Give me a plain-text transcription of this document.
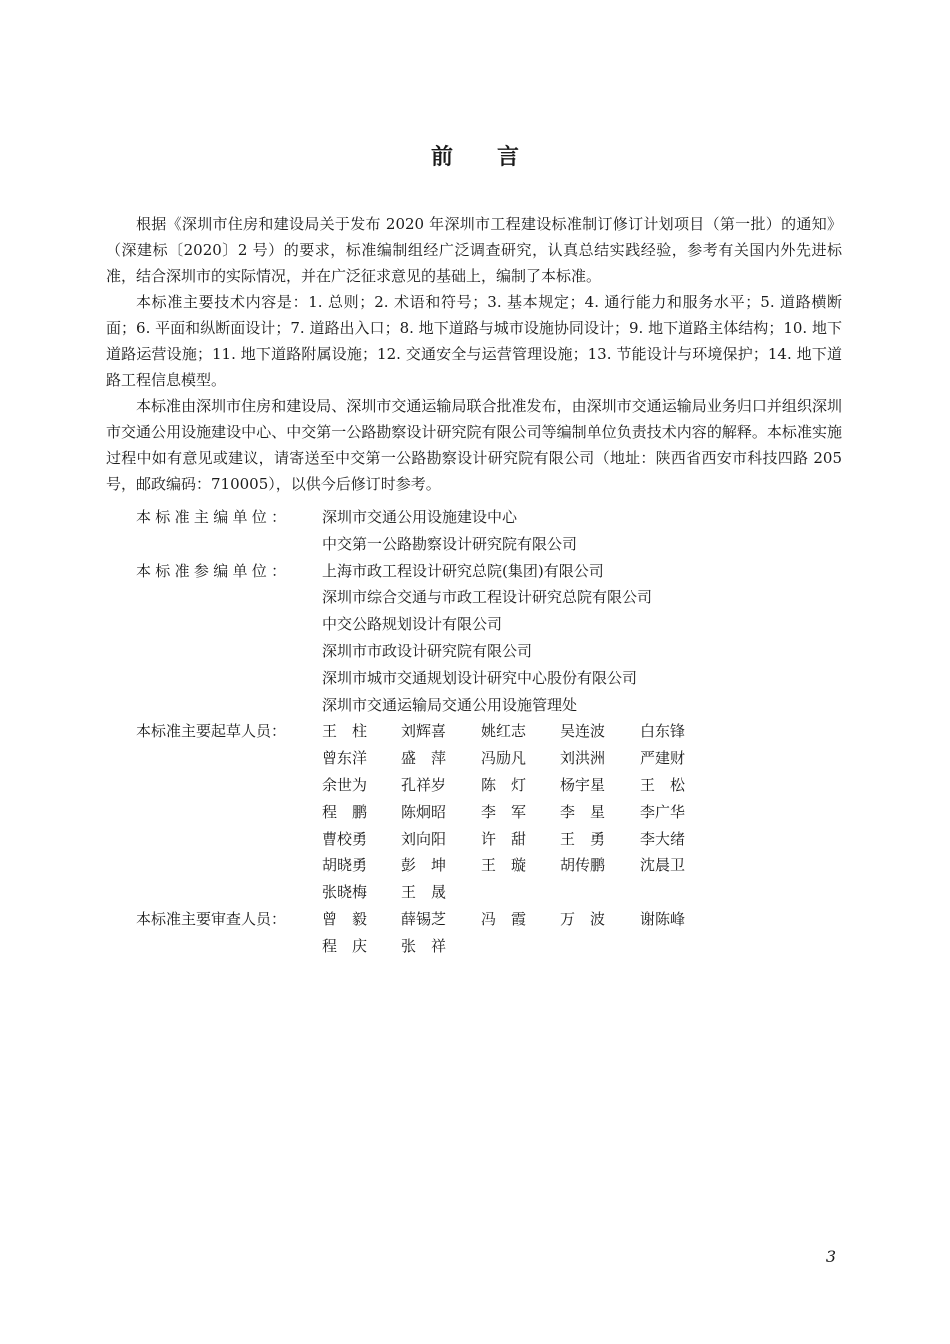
前言

根据《深圳市住房和建设局关于发布 2020 年深圳市工程建设标准制订修订计划项目（第一批）的通知》（深建标〔2020〕2 号）的要求，标准编制组经广泛调查研究，认真总结实践经验，参考有关国内外先进标准，结合深圳市的实际情况，并在广泛征求意见的基础上，编制了本标准。

本标准主要技术内容是：1. 总则；2. 术语和符号；3. 基本规定；4. 通行能力和服务水平；5. 道路横断面；6. 平面和纵断面设计；7. 道路出入口；8. 地下道路与城市设施协同设计；9. 地下道路主体结构；10. 地下道路运营设施；11. 地下道路附属设施；12. 交通安全与运营管理设施；13. 节能设计与环境保护；14. 地下道路工程信息模型。

本标准由深圳市住房和建设局、深圳市交通运输局联合批准发布，由深圳市交通运输局业务归口并组织深圳市交通公用设施建设中心、中交第一公路勘察设计研究院有限公司等编制单位负责技术内容的解释。本标准实施过程中如有意见或建议，请寄送至中交第一公路勘察设计研究院有限公司（地址：陕西省西安市科技四路 205 号，邮政编码：710005），以供今后修订时参考。

本标准主编单位：	深圳市交通公用设施建设中心
中交第一公路勘察设计研究院有限公司
本标准参编单位：	上海市政工程设计研究总院(集团)有限公司
深圳市综合交通与市政工程设计研究总院有限公司
中交公路规划设计有限公司
深圳市市政设计研究院有限公司
深圳市城市交通规划设计研究中心股份有限公司
深圳市交通运输局交通公用设施管理处
本标准主要起草人员：	王　柱 刘辉喜 姚红志 吴连波 白东锋
曾东洋 盛　萍 冯励凡 刘洪洲 严建财
余世为 孔祥岁 陈　灯 杨宇星 王　松
程　鹏 陈炯昭 李　军 李　星 李广华
曹校勇 刘向阳 许　甜 王　勇 李大绪
胡晓勇 彭　坤 王　璇 胡传鹏 沈晨卫
张晓梅 王　晟
本标准主要审查人员：	曾　毅 薛锡芝 冯　霞 万　波 谢陈峰
程　庆 张　祥
3
